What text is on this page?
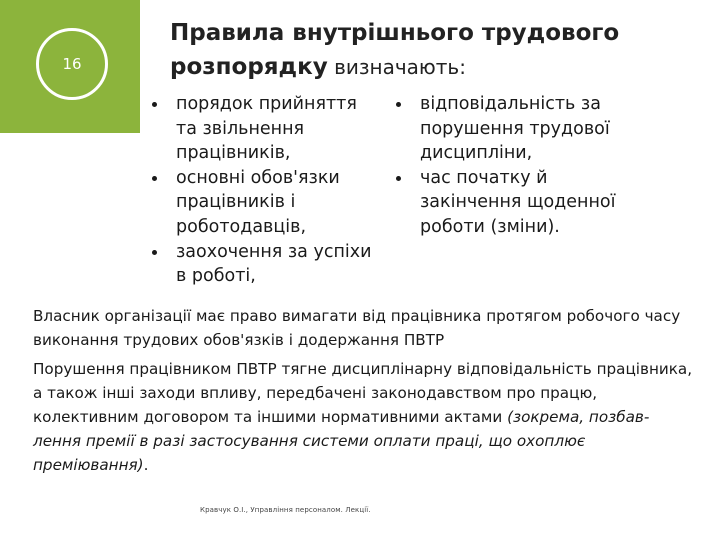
16
Правила внутрішнього трудового
розпорядку визначають:
порядок прийняття та звільнення працівників,
основні обов'язки працівників і роботодавців,
заохочення за успіхи в роботі,
відповідальність за порушення трудової дисципліни,
час початку й закінчення щоденної роботи (зміни).
Власник організації має право вимагати від працівника протягом робочого часу виконання трудових обов'язків і додержання ПВТР
Порушення працівником ПВТР тягне дисциплінарну відповідальність працівника, а також інші заходи впливу, передбачені законодавством про працю, колективним договором та іншими нормативними актами (зокрема, позбав-лення премії в разі застосування системи оплати праці, що охоплює преміювання).
Кравчук О.І., Управління персоналом. Лекції.
